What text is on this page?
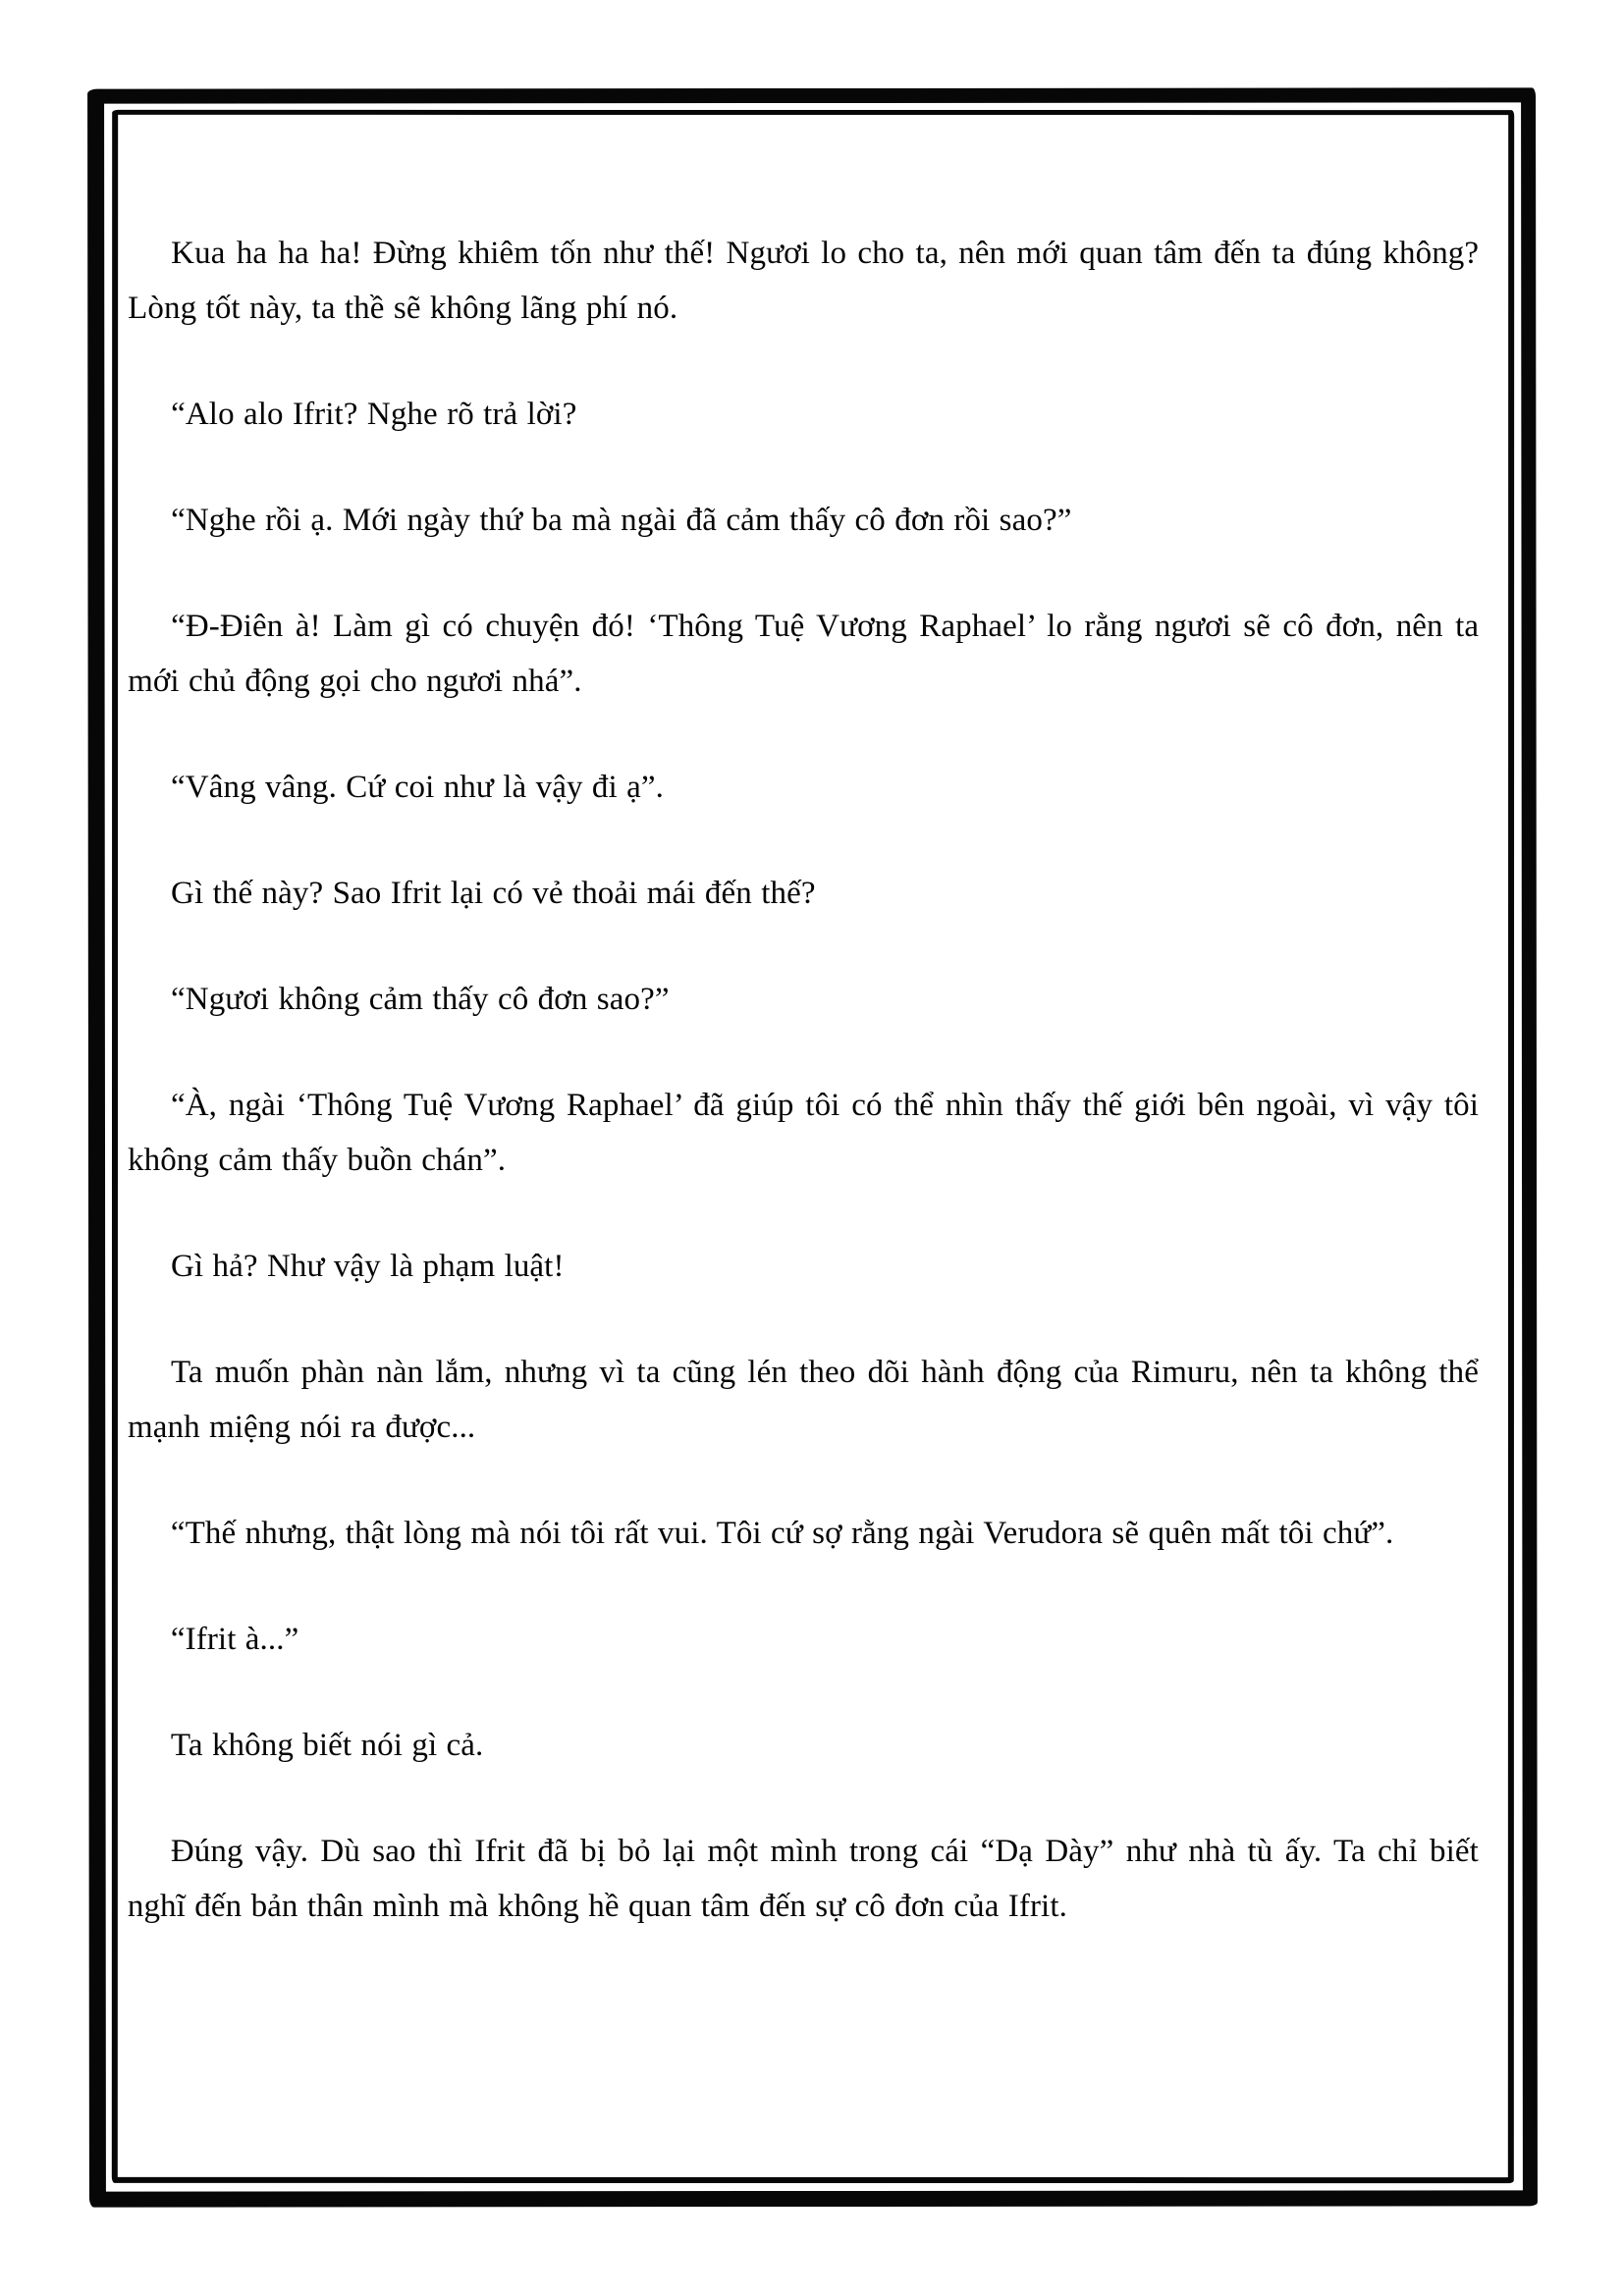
Kua ha ha ha! Đừng khiêm tốn như thế! Ngươi lo cho ta, nên mới quan tâm đến ta đúng không? Lòng tốt này, ta thề sẽ không lãng phí nó.

“Alo alo Ifrit? Nghe rõ trả lời?

“Nghe rồi ạ. Mới ngày thứ ba mà ngài đã cảm thấy cô đơn rồi sao?”

“Đ-Điên à! Làm gì có chuyện đó! ‘Thông Tuệ Vương Raphael’ lo rằng ngươi sẽ cô đơn, nên ta mới chủ động gọi cho ngươi nhá”.

“Vâng vâng. Cứ coi như là vậy đi ạ”.

Gì thế này? Sao Ifrit lại có vẻ thoải mái đến thế?

“Ngươi không cảm thấy cô đơn sao?”

“À, ngài ‘Thông Tuệ Vương Raphael’ đã giúp tôi có thể nhìn thấy thế giới bên ngoài, vì vậy tôi không cảm thấy buồn chán”.

Gì hả? Như vậy là phạm luật!

Ta muốn phàn nàn lắm, nhưng vì ta cũng lén theo dõi hành động của Rimuru, nên ta không thể mạnh miệng nói ra được...

“Thế nhưng, thật lòng mà nói tôi rất vui. Tôi cứ sợ rằng ngài Verudora sẽ quên mất tôi chứ”.

“Ifrit à...”

Ta không biết nói gì cả.

Đúng vậy. Dù sao thì Ifrit đã bị bỏ lại một mình trong cái “Dạ Dày” như nhà tù ấy. Ta chỉ biết nghĩ đến bản thân mình mà không hề quan tâm đến sự cô đơn của Ifrit.
